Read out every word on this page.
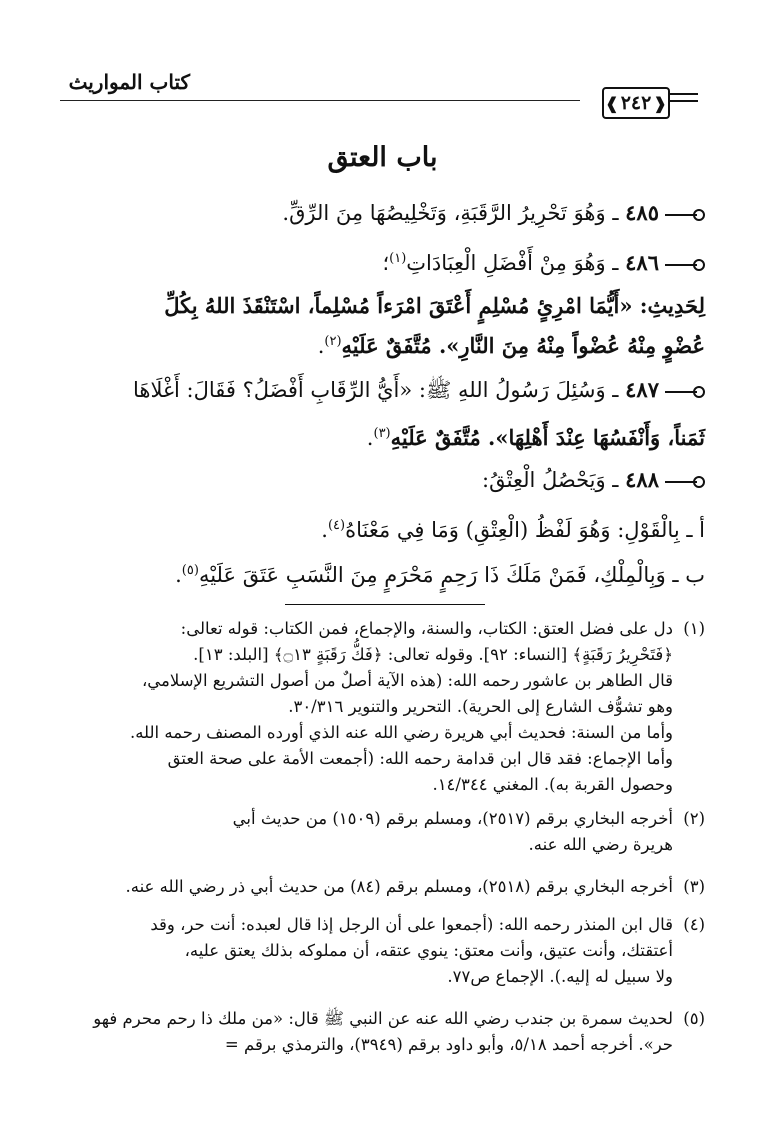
كتاب المواريث
❰ ٢٤٢ ❱
باب العتق
٤٨٥ ـ وَهُوَ تَحْرِيرُ الرَّقَبَةِ، وَتَخْلِيصُهَا مِنَ الرِّقِّ.
٤٨٦ ـ وَهُوَ مِنْ أَفْضَلِ الْعِبَادَاتِ$^{(١)}$؛
لِحَدِيثِ: «أَيُّمَا امْرِئٍ مُسْلِمٍ أَعْتَقَ امْرَءاً مُسْلِماً، اسْتَنْقَذَ اللهُ بِكُلِّ
عُضْوٍ مِنْهُ عُضْواً مِنْهُ مِنَ النَّارِ». مُتَّفَقٌ عَلَيْهِ$^{(٢)}$.
٤٨٧ ـ وَسُئِلَ رَسُولُ اللهِ ﷺ: «أَيُّ الرِّقَابِ أَفْضَلُ؟ فَقَالَ: أَغْلَاهَا
ثَمَناً، وَأَنْفَسُهَا عِنْدَ أَهْلِهَا». مُتَّفَقٌ عَلَيْهِ$^{(٣)}$.
٤٨٨ ـ وَيَحْصُلُ الْعِتْقُ:
أ ـ بِالْقَوْلِ: وَهُوَ لَفْظُ (الْعِتْقِ) وَمَا فِي مَعْنَاهُ$^{(٤)}$.
ب ـ وَبِالْمِلْكِ، فَمَنْ مَلَكَ ذَا رَحِمٍ مَحْرَمٍ مِنَ النَّسَبِ عَتَقَ عَلَيْهِ$^{(٥)}$.
(١)
دل على فضل العتق: الكتاب، والسنة، والإجماع، فمن الكتاب: قوله تعالى:
﴿فَتَحْرِيرُ رَقَبَةٍ﴾ [النساء: ٩٢]. وقوله تعالى: ﴿فَكُّ رَقَبَةٍ ۝١٣﴾ [البلد: ١٣].
قال الطاهر بن عاشور رحمه الله: (هذه الآية أصلٌ من أصول التشريع الإسلامي،
وهو تشوُّف الشارع إلى الحرية). التحرير والتنوير ٣٠/٣١٦.
وأما من السنة: فحديث أبي هريرة رضي الله عنه الذي أورده المصنف رحمه الله.
وأما الإجماع: فقد قال ابن قدامة رحمه الله: (أجمعت الأمة على صحة العتق
وحصول القربة به). المغني ١٤/٣٤٤.
(٢)
أخرجه البخاري برقم (٢٥١٧)، ومسلم برقم (١٥٠٩) من حديث أبي
هريرة رضي الله عنه.
(٣)
أخرجه البخاري برقم (٢٥١٨)، ومسلم برقم (٨٤) من حديث أبي ذر رضي الله عنه.
(٤)
قال ابن المنذر رحمه الله: (أجمعوا على أن الرجل إذا قال لعبده: أنت حر، وقد
أعتقتك، وأنت عتيق، وأنت معتق: ينوي عتقه، أن مملوكه بذلك يعتق عليه،
ولا سبيل له إليه.). الإجماع ص٧٧.
(٥)
لحديث سمرة بن جندب رضي الله عنه عن النبي ﷺ قال: «من ملك ذا رحم محرم فهو
حر». أخرجه أحمد ٥/١٨، وأبو داود برقم (٣٩٤٩)، والترمذي برقم =
